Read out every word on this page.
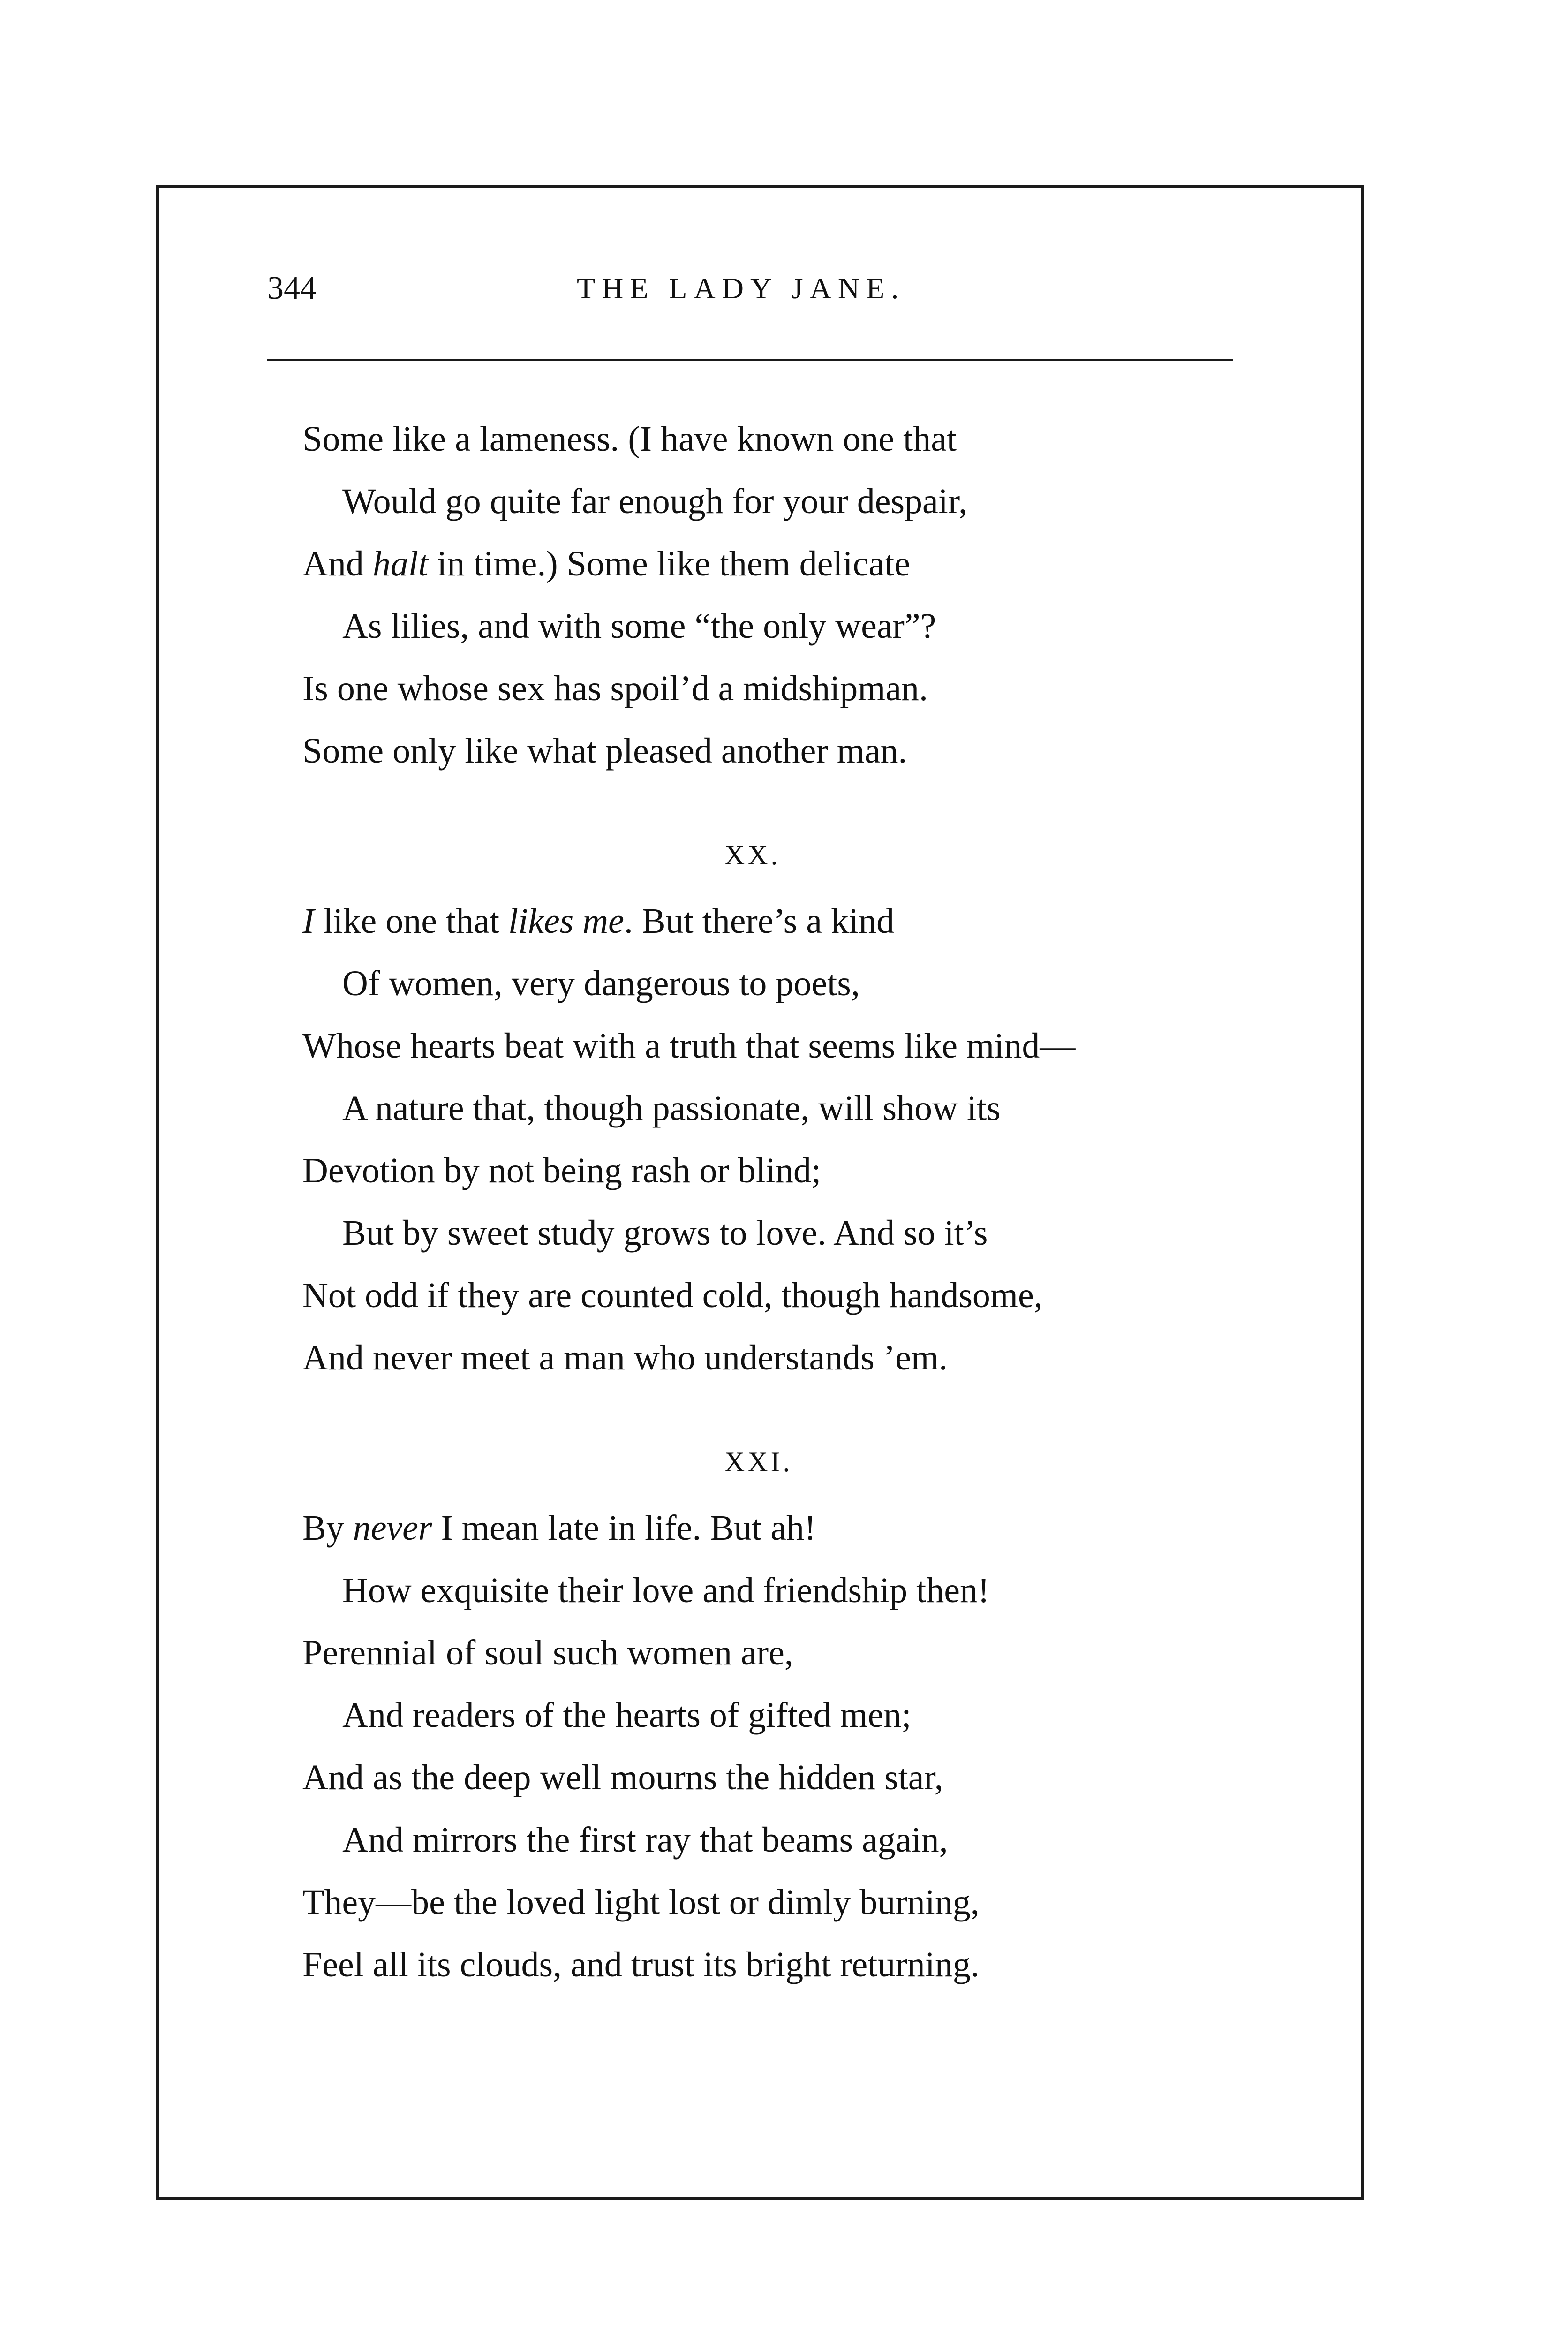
344	THE LADY JANE.
Some like a lameness. (I have known one that
Would go quite far enough for your despair,
And halt in time.) Some like them delicate
As lilies, and with some “the only wear”?
Is one whose sex has spoil’d a midshipman.
Some only like what pleased another man.
XX.
I like one that likes me. But there’s a kind
Of women, very dangerous to poets,
Whose hearts beat with a truth that seems like mind—
A nature that, though passionate, will show its
Devotion by not being rash or blind;
But by sweet study grows to love. And so it’s
Not odd if they are counted cold, though handsome,
And never meet a man who understands ’em.
XXI.
By never I mean late in life. But ah!
How exquisite their love and friendship then!
Perennial of soul such women are,
And readers of the hearts of gifted men;
And as the deep well mourns the hidden star,
And mirrors the first ray that beams again,
They—be the loved light lost or dimly burning,
Feel all its clouds, and trust its bright returning.
